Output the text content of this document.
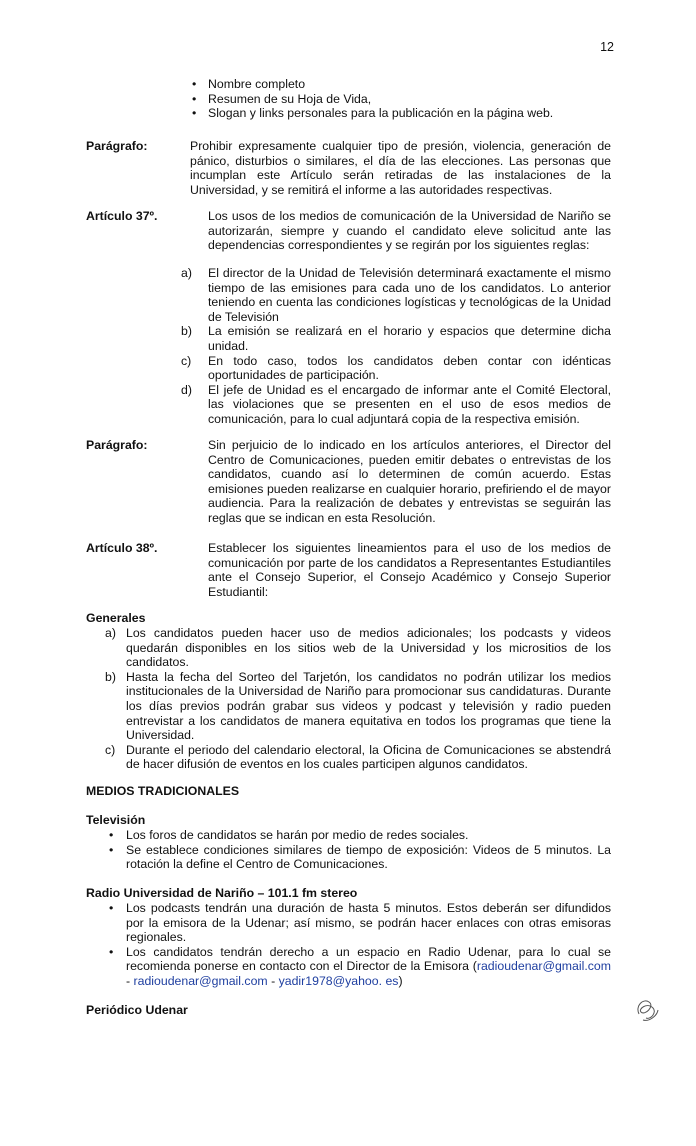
12
• Nombre completo
• Resumen de su Hoja de Vida,
• Slogan y links personales para la publicación en la página web.
Parágrafo:	Prohibir expresamente cualquier tipo de presión, violencia, generación de pánico, disturbios o similares, el día de las elecciones. Las personas que incumplan este Artículo serán retiradas de las instalaciones de la Universidad, y se remitirá el informe a las autoridades respectivas.
Artículo 37º.	Los usos de los medios de comunicación de la Universidad de Nariño se autorizarán, siempre y cuando el candidato eleve solicitud ante las dependencias correspondientes y se regirán por los siguientes reglas:
a) El director de la Unidad de Televisión determinará exactamente el mismo tiempo de las emisiones para cada uno de los candidatos. Lo anterior teniendo en cuenta las condiciones logísticas y tecnológicas de la Unidad de Televisión
b) La emisión se realizará en el horario y espacios que determine dicha unidad.
c) En todo caso, todos los candidatos deben contar con idénticas oportunidades de participación.
d) El jefe de Unidad es el encargado de informar ante el Comité Electoral, las violaciones que se presenten en el uso de esos medios de comunicación, para lo cual adjuntará copia de la respectiva emisión.
Parágrafo:	Sin perjuicio de lo indicado en los artículos anteriores, el Director del Centro de Comunicaciones, pueden emitir debates o entrevistas de los candidatos, cuando así lo determinen de común acuerdo. Estas emisiones pueden realizarse en cualquier horario, prefiriendo el de mayor audiencia. Para la realización de debates y entrevistas se seguirán las reglas que se indican en esta Resolución.
Artículo 38º.	Establecer los siguientes lineamientos para el uso de los medios de comunicación por parte de los candidatos a Representantes Estudiantiles ante el Consejo Superior, el Consejo Académico y Consejo Superior Estudiantil:
Generales
a) Los candidatos pueden hacer uso de medios adicionales; los podcasts y videos quedarán disponibles en los sitios web de la Universidad y los micrositios de los candidatos.
b) Hasta la fecha del Sorteo del Tarjetón, los candidatos no podrán utilizar los medios institucionales de la Universidad de Nariño para promocionar sus candidaturas. Durante los días previos podrán grabar sus videos y podcast y televisión y radio pueden entrevistar a los candidatos de manera equitativa en todos los programas que tiene la Universidad.
c) Durante el periodo del calendario electoral, la Oficina de Comunicaciones se abstendrá de hacer difusión de eventos en los cuales participen algunos candidatos.
MEDIOS TRADICIONALES
Televisión
• Los foros de candidatos se harán por medio de redes sociales.
• Se establece condiciones similares de tiempo de exposición: Videos de 5 minutos. La rotación la define el Centro de Comunicaciones.
Radio Universidad de Nariño – 101.1 fm stereo
• Los podcasts tendrán una duración de hasta 5 minutos. Estos deberán ser difundidos por la emisora de la Udenar; así mismo, se podrán hacer enlaces con otras emisoras regionales.
• Los candidatos tendrán derecho a un espacio en Radio Udenar, para lo cual se recomienda ponerse en contacto con el Director de la Emisora (radioudenar@gmail.com - radioudenar@gmail.com - yadir1978@yahoo. es)
Periódico Udenar
